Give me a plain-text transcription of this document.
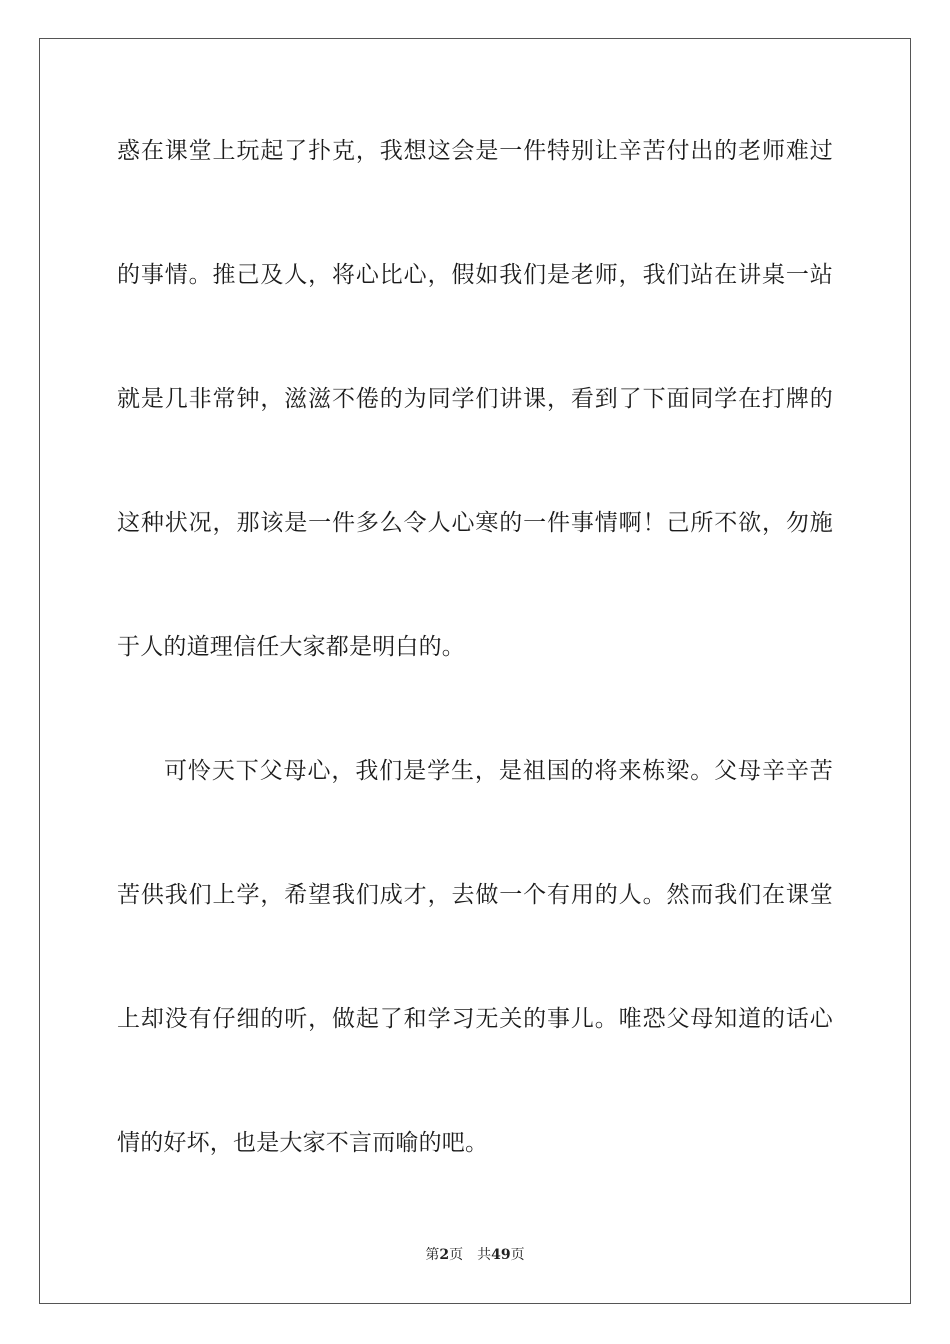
惑在课堂上玩起了扑克，我想这会是一件特别让辛苦付出的老师难过
的事情。推己及人，将心比心，假如我们是老师，我们站在讲桌一站
就是几非常钟，滋滋不倦的为同学们讲课，看到了下面同学在打牌的
这种状况，那该是一件多么令人心寒的一件事情啊！己所不欲，勿施
于人的道理信任大家都是明白的。
可怜天下父母心，我们是学生，是祖国的将来栋梁。父母辛辛苦
苦供我们上学，希望我们成才，去做一个有用的人。然而我们在课堂
上却没有仔细的听，做起了和学习无关的事儿。唯恐父母知道的话心
情的好坏，也是大家不言而喻的吧。
第2页 共49页
